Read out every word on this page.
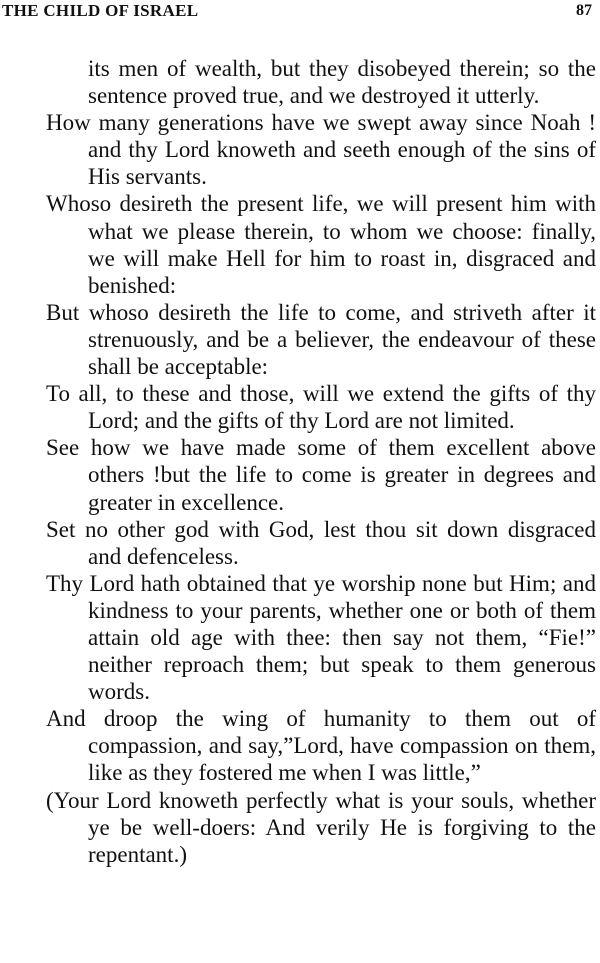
THE CHILD OF ISRAEL	87

its men of wealth, but they disobeyed therein; so the sentence proved true, and we destroyed it utterly.

How many generations have we swept away since Noah ! and thy Lord knoweth and seeth enough of the sins of His servants.

Whoso desireth the present life, we will present him with what we please therein, to whom we choose: finally, we will make Hell for him to roast in, disgraced and benished:

But whoso desireth the life to come, and striveth after it strenuously, and be a believer, the endeavour of these shall be acceptable:

To all, to these and those, will we extend the gifts of thy Lord; and the gifts of thy Lord are not limited.

See how we have made some of them excellent above others !but the life to come is greater in degrees and greater in excellence.

Set no other god with God, lest thou sit down disgraced and defenceless.

Thy Lord hath obtained that ye worship none but Him; and kindness to your parents, whether one or both of them attain old age with thee: then say not them, “Fie!” neither reproach them; but speak to them generous words.

And droop the wing of humanity to them out of compassion, and say,”Lord, have compassion on them, like as they fostered me when I was little,”

(Your Lord knoweth perfectly what is your souls, whether ye be well-doers: And verily He is forgiving to the repentant.)
